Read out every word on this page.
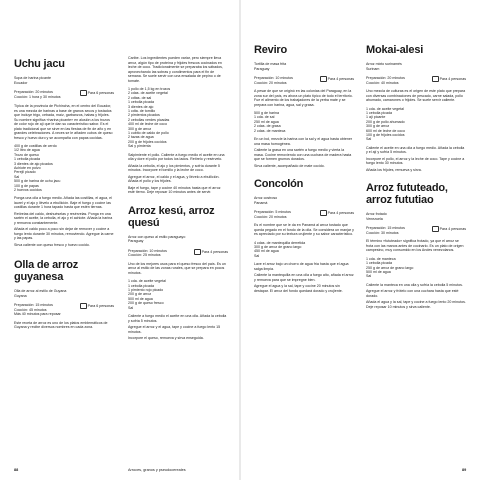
Uchu jacu
Sopa de harina picante
Ecuador
Preparación: 20 minutos
Cocción: 1 hora y 30 minutos
Para 6 personas

Típica de la provincia de Pichincha, en el centro del Ecuador, es una mezcla de harinas a base de granos secos y tostados que incluye trigo, cebada, maíz, garbanzos, habas y frijoles. Su nombre significa «harina picante» en alusión a los trozos de color rojo de ají que le dan su característico sabor. Es el plato tradicional que se sirve en las fiestas de fin de año y en grandes celebraciones. A veces se le añaden cubos de queso fresco y huevo duro y se acompaña con papas cocidas.

400 g de costillas de cerdo
1/2 litro de agua
Trozo de queso
1 cebolla picada
3 dientes de ajo picados
Achiote en polvo
Perejil picado
Sal
500 g de harina de uchu jacu
100 g de papas
2 huevos cocidos

Ponga una olla a fuego medio. Añada las costillas, el agua, el laurel y el ajo y llévelo a ebullición. Baje el fuego y cocine las costillas durante 1 hora tapado hasta que estén tiernas.

Retírelas del caldo, deshuéselas y resérvelas. Ponga en una sartén el aceite, la cebolla, el ajo y el achiote. Añada la harina y remueva constantemente.

Añada el caldo poco a poco sin dejar de remover y cocine a fuego lento durante 30 minutos, removiendo. Agregue la carne y las papas.

Sirva caliente con queso fresco y huevo cocido.

Olla de arroz guyanesa
Olla de arroz al estilo de Guyana
Guyana
Preparación: 15 minutos
Cocción: 45 minutos
Más 40 minutos para reposar
Para 6 personas

Este receta de arroz es uno de los platos emblemáticos de Guyana y recibe diversos nombres en cada zona.

Caribe. Los ingredientes pueden variar, pero siempre lleva arroz, algún tipo de proteína y frijoles frescos cocinados en leche de coco. Tradicionalmente se preparaba los sábados, aprovechando las sobras y condimentos para el fin de semana. Se suele servir con una ensalada de pepino o de tomate.

1 pollo de 1,5 kg en trozos
2 cdas. de aceite vegetal
2 cdtas. de sal
1 cebolla picada
3 dientes de ajo
1 cdta. de tomillo
2 pimientos picados
2 cebollas verdes picadas
400 ml de leche de coco
300 g de arroz
1 cubito de caldo de pollo
2 tazas de agua
200 g de frijoles cocidos
Sal y pimienta

Salpimiente el pollo. Caliente a fuego medio el aceite en una olla y dore el pollo por todos los lados. Retírelo y resérvelo.

Añada la cebolla, el ajo y los pimientos, y sofría durante 5 minutos. Incorpore el tomillo y la leche de coco.

Agregue el arroz, el caldo y el agua, y llévelo a ebullición. Añada el pollo y los frijoles.

Baje el fuego, tape y cocine 40 minutos hasta que el arroz esté tierno. Deje reposar 10 minutos antes de servir.

Arroz kesú, arroz quesú
Arroz con queso al estilo paraguayo
Paraguay
Preparación: 10 minutos
Cocción: 25 minutos
Para 4 personas

Uno de los mejores usos para el queso fresco del país. Es un arroz al estilo de las zonas rurales, que se prepara en pocos minutos.

1 cda. de aceite vegetal
1 cebolla picada
1 pimiento rojo picado
200 g de arroz
500 ml de agua
200 g de queso fresco
Sal

Caliente a fuego medio el aceite en una olla. Añada la cebolla y sofría 5 minutos.

Agregue el arroz y el agua, tape y cocine a fuego lento 15 minutos.

Incorpore el queso, remueva y sirva enseguida.

88	Arroces, granos y pseudocereales
Reviro
Tortilla de masa frita
Paraguay
Preparación: 10 minutos
Cocción: 20 minutos
Para 4 personas

A pesar de que se originó en las colonias del Paraguay, en la zona sur del país, es ahora un plato típico de todo el territorio. Fue el alimento de los trabajadores de la yerba mate y se prepara con harina, agua, sal y grasa.

500 g de harina
1 cda. de sal
250 ml de agua
2 cdas. de grasa
2 cdas. de manteca

En un bol, mezcle la harina con la sal y el agua hasta obtener una masa homogénea.

Caliente la grasa en una sartén a fuego medio y vierta la masa. Cocine removiendo con una cuchara de madera hasta que se formen grumos dorados.

Sirva caliente, acompañado de mate cocido.

Concolón
Arroz costroso
Panamá
Preparación: 5 minutos
Cocción: 20 minutos
Para 4 personas

Es el nombre que se le da en Panamá al arroz tostado que queda pegado en el fondo de la olla. Se considera un manjar y es apreciado por su textura crujiente y su sabor característico.

4 cdas. de mantequilla derretida
300 g de arroz de grano largo
450 ml de agua
Sal

Lave el arroz bajo un chorro de agua fría hasta que el agua salga limpia.

Caliente la mantequilla en una olla a fuego alto, añada el arroz y remueva para que se impregne bien.

Agregue el agua y la sal, tape y cocine 20 minutos sin destapar. El arroz del fondo quedará dorado y crujiente.

Mokai-alesi
Arroz mixto surinamés
Surinam
Preparación: 20 minutos
Cocción: 40 minutos
Para 4 personas

Uno mezcla de culturas es el origen de este plato que prepara con diversas combinaciones de pescado, carne salada, pollo ahumado, camarones o frijoles. Se suele servir caliente.

1 cda. de aceite vegetal
1 cebolla picada
1 ají picante
200 g de pollo ahumado
300 g de arroz
600 ml de leche de coco
100 g de frijoles cocidos
Sal

Caliente el aceite en una olla a fuego medio. Añada la cebolla y el ají y sofría 5 minutos.

Incorpore el pollo, el arroz y la leche de coco. Tape y cocine a fuego lento 30 minutos.

Añada los frijoles, remueva y sirva.

Arroz fututeado, arroz fututiao
Arroz frotado
Venezuela
Preparación: 15 minutos
Cocción: 30 minutos
Para 4 personas

El término «fututeado» significa frotado, ya que el arroz se frota con las manos antes de cocinarlo. Es un plato de origen campesino, muy consumido en los Andes venezolanos.

1 cda. de manteca
1 cebolla picada
250 g de arroz de grano largo
500 ml de agua
Sal

Caliente la manteca en una olla y sofría la cebolla 5 minutos.

Agregue el arroz y frótelo con una cuchara hasta que esté dorado.

Añada el agua y la sal, tape y cocine a fuego lento 20 minutos. Deje reposar 10 minutos y sirva caliente.

89
